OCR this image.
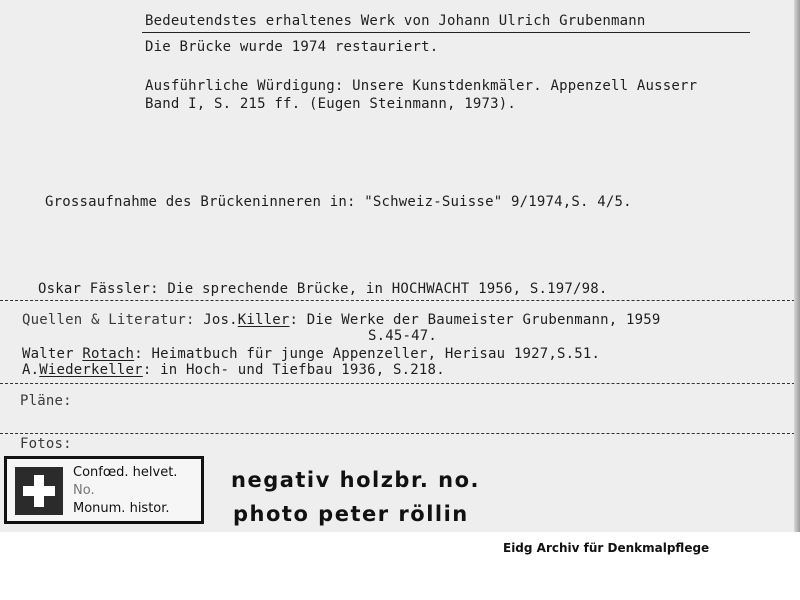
Bedeutendstes erhaltenes Werk von Johann Ulrich Grubenmann
Die Brücke wurde 1974 restauriert.
Ausführliche Würdigung: Unsere Kunstdenkmäler. Appenzell Ausserr
Band I, S. 215 ff. (Eugen Steinmann, 1973).
Grossaufnahme des Brückeninneren in: "Schweiz-Suisse" 9/1974,S. 4/5.
Oskar Fässler: Die sprechende Brücke, in HOCHWACHT 1956, S.197/98.
Quellen & Literatur: Jos.Killer: Die Werke der Baumeister Grubenmann, 1959
S.45-47.
Walter Rotach: Heimatbuch für junge Appenzeller, Herisau 1927,S.51.
A.Wiederkeller: in Hoch- und Tiefbau 1936, S.218.
Pläne:
Fotos:
Confœd. helvet.
No.
Monum. histor.
negativ holzbr. no.
photo peter röllin
Eidg Archiv für Denkmalpflege
